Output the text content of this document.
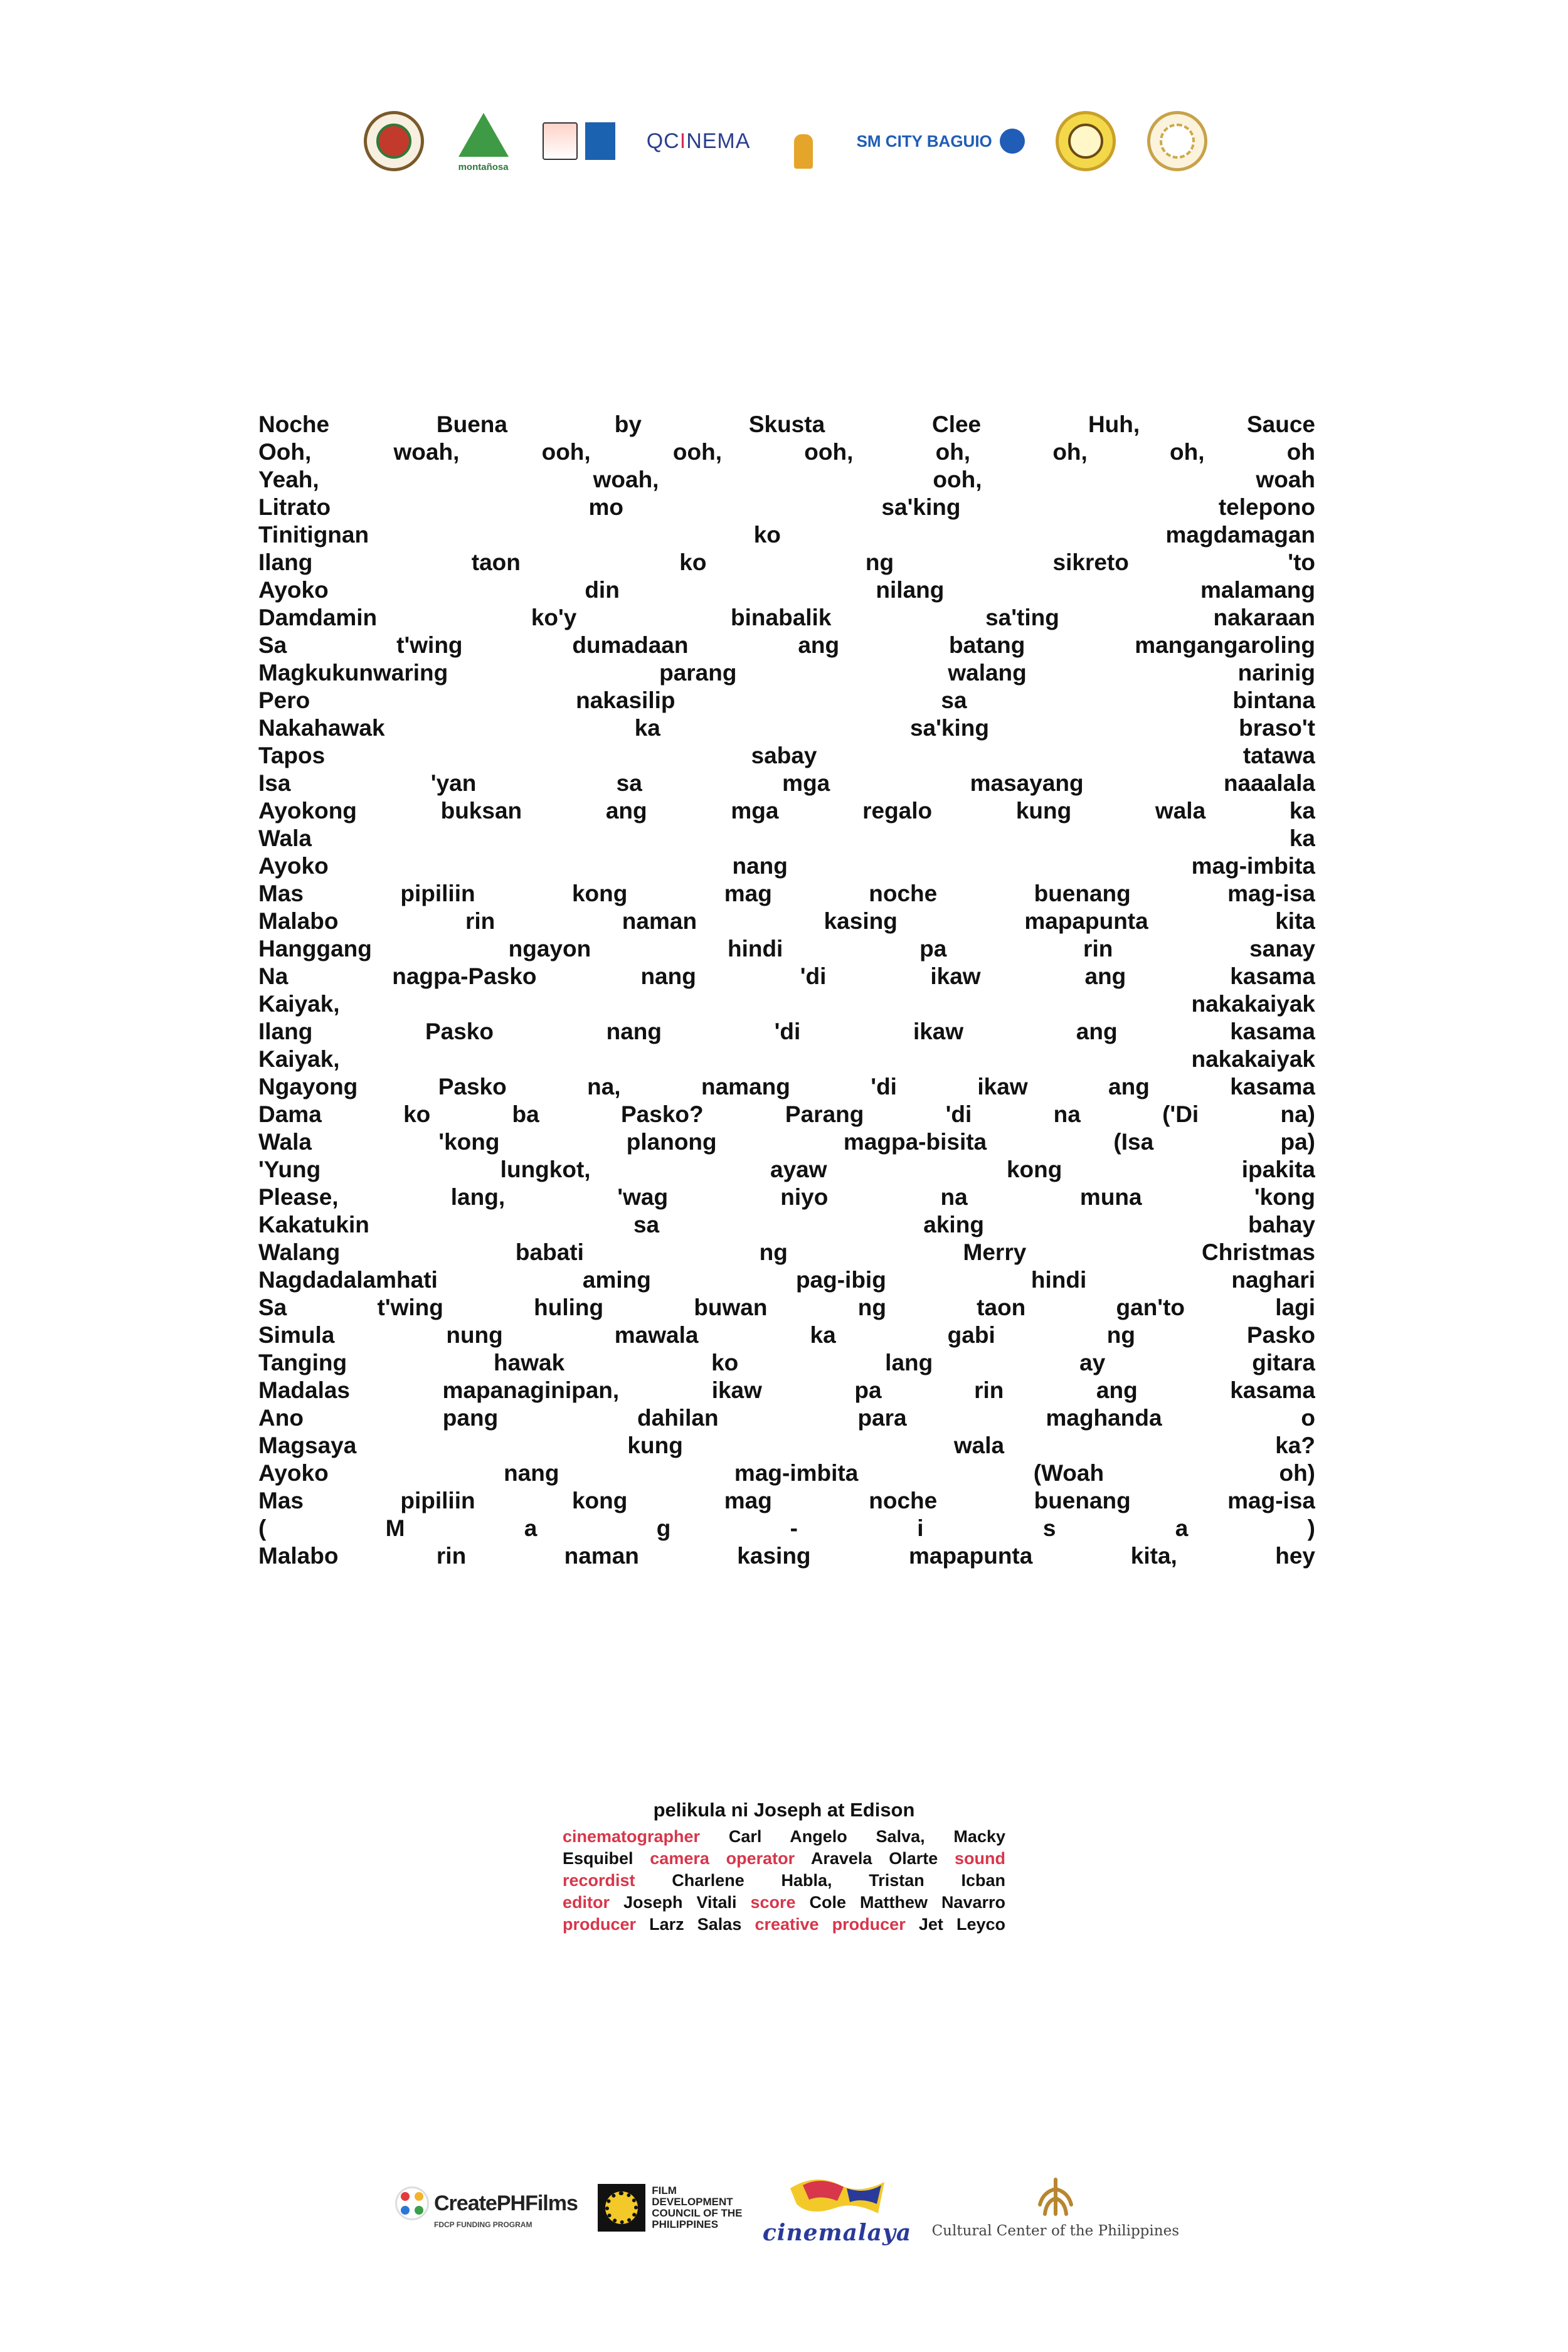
montañosa
QCINEMA	SM CITY BAGUIO
Noche Buena by Skusta Clee Huh, Sauce
Ooh, woah, ooh, ooh, ooh, oh, oh, oh, oh
Yeah, woah, ooh, woah
Litrato mo sa'king telepono
Tinitignan ko magdamagan
Ilang taon ko ng sikreto 'to
Ayoko din nilang malamang
Damdamin ko'y binabalik sa'ting nakaraan
Sa t'wing dumadaan ang batang mangangaroling
Magkukunwaring parang walang narinig
Pero nakasilip sa bintana
Nakahawak ka sa'king braso't
Tapos sabay tatawa
Isa 'yan sa mga masayang naaalala
Ayokong buksan ang mga regalo kung wala ka
Wala ka
Ayoko nang mag-imbita
Mas pipiliin kong mag noche buenang mag-isa
Malabo rin naman kasing mapapunta kita
Hanggang ngayon hindi pa rin sanay
Na nagpa-Pasko nang 'di ikaw ang kasama
Kaiyak, nakakaiyak
Ilang Pasko nang 'di ikaw ang kasama
Kaiyak, nakakaiyak
Ngayong Pasko na, namang 'di ikaw ang kasama
Dama ko ba Pasko? Parang 'di na ('Di na)
Wala 'kong planong magpa-bisita (Isa pa)
'Yung lungkot, ayaw kong ipakita
Please, lang, 'wag niyo na muna 'kong
Kakatukin sa aking bahay
Walang babati ng Merry Christmas
Nagdadalamhati aming pag-ibig hindi naghari
Sa t'wing huling buwan ng taon gan'to lagi
Simula nung mawala ka gabi ng Pasko
Tanging hawak ko lang ay gitara
Madalas mapanaginipan, ikaw pa rin ang kasama
Ano pang dahilan para maghanda o
Magsaya kung wala ka?
Ayoko nang mag-imbita (Woah oh)
Mas pipiliin kong mag noche buenang mag-isa
( M a g - i s a )
Malabo rin naman kasing mapapunta kita, hey
pelikula ni Joseph at Edison
cinematographer Carl Angelo Salva, Macky
Esquibel camera operator Aravela Olarte sound
recordist Charlene Habla, Tristan Icban
editor Joseph Vitali score Cole Matthew Navarro
producer Larz Salas creative producer Jet Leyco
CreatePHFilms
FDCP FUNDING PROGRAM
FILM
DEVELOPMENT
COUNCIL OF THE
PHILIPPINES	cinemalaya Cultural Center of the Philippines
